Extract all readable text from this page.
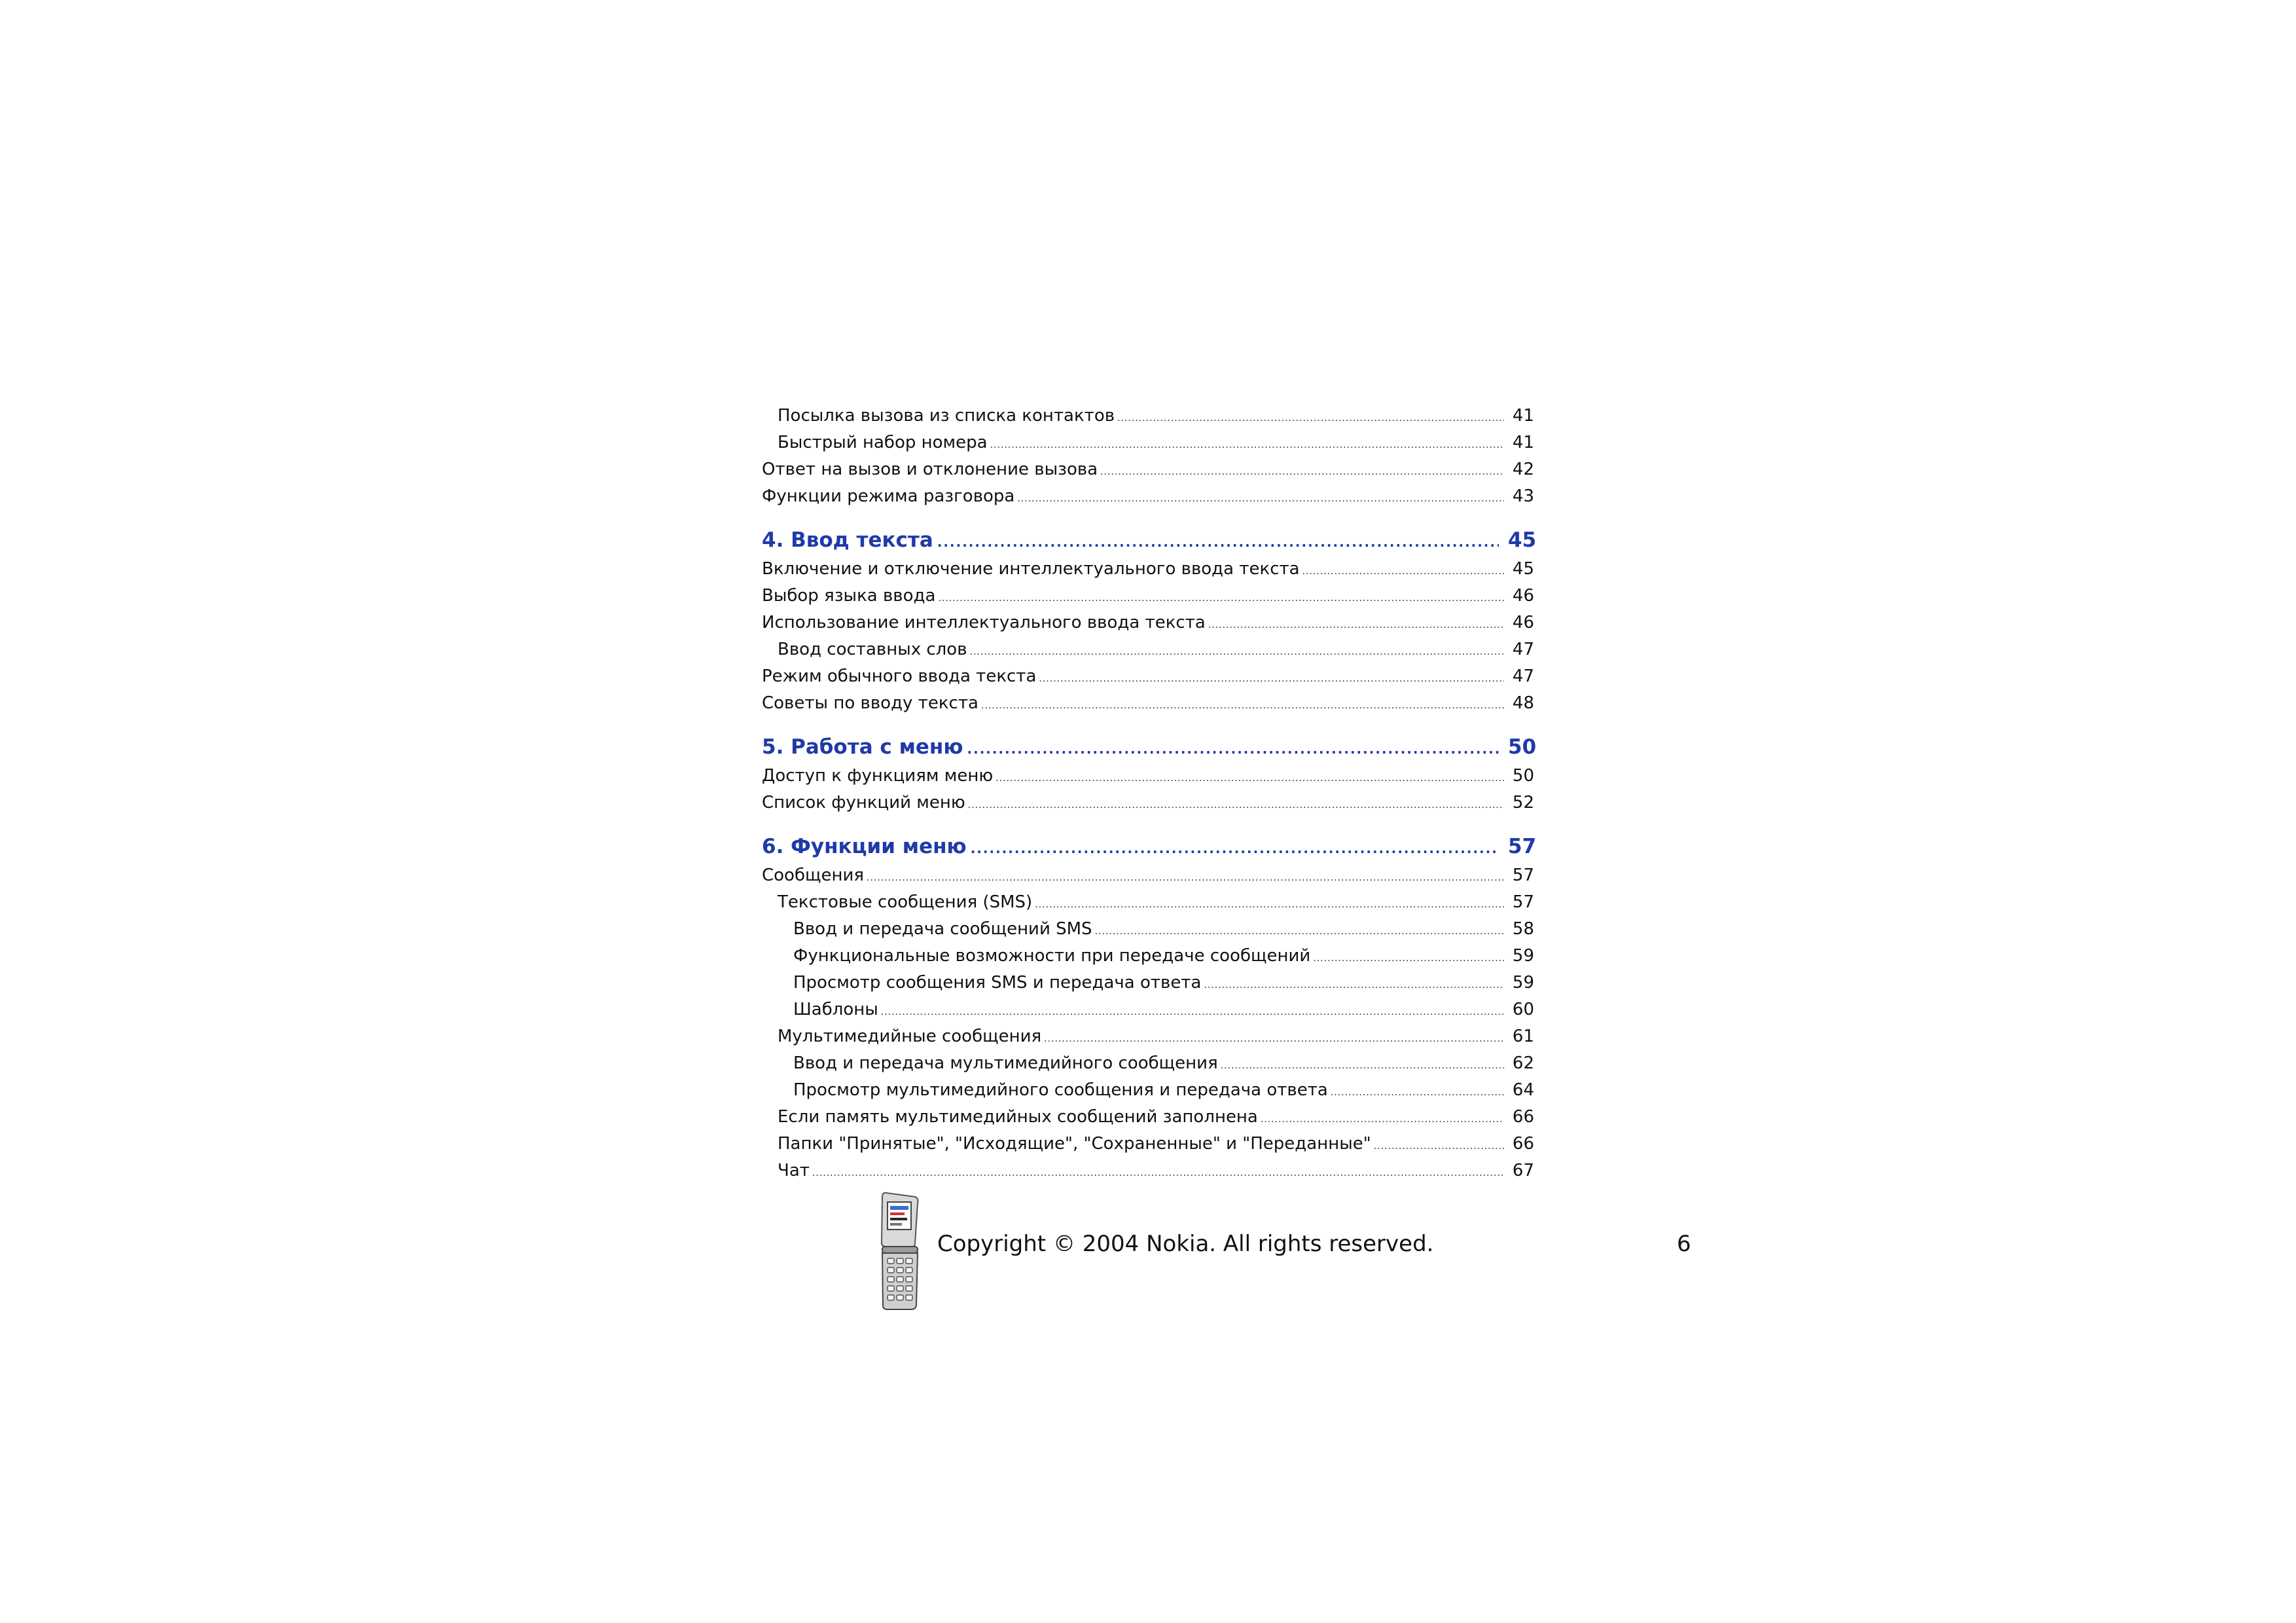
Посылка вызова из списка контактов .....	41
Быстрый набор номера .....	41
Ответ на вызов и отклонение вызова .....	42
Функции режима разговора .....	43
4. Ввод текста .....	45
Включение и отключение интеллектуального ввода текста .....	45
Выбор языка ввода .....	46
Использование интеллектуального ввода текста .....	46
Ввод составных слов .....	47
Режим обычного ввода текста .....	47
Советы по вводу текста .....	48
5. Работа с меню .....	50
Доступ к функциям меню .....	50
Список функций меню .....	52
6. Функции меню .....	57
Сообщения .....	57
Текстовые сообщения (SMS) .....	57
Ввод и передача сообщений SMS .....	58
Функциональные возможности при передаче сообщений .....	59
Просмотр сообщения SMS и передача ответа .....	59
Шаблоны .....	60
Мультимедийные сообщения .....	61
Ввод и передача мультимедийного сообщения .....	62
Просмотр мультимедийного сообщения и передача ответа .....	64
Если память мультимедийных сообщений заполнена .....	66
Папки "Принятые", "Исходящие", "Сохраненные" и "Переданные" .....	66
Чат .....	67
Copyright © 2004 Nokia. All rights reserved.	6
